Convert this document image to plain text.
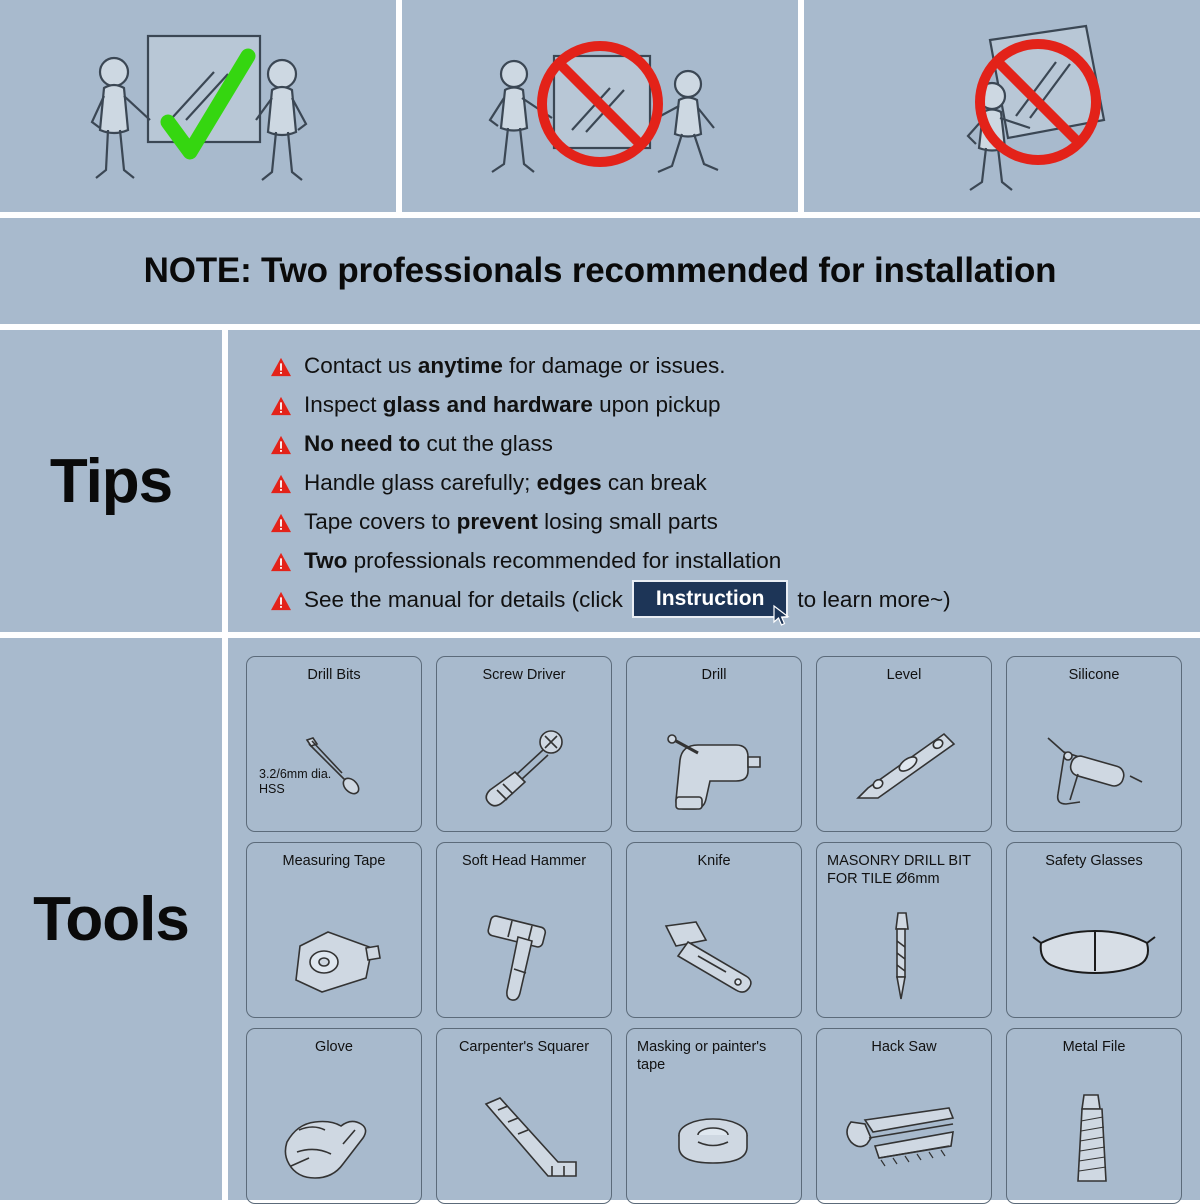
NOTE: Two professionals recommended for installation
Tips
Contact us anytime for damage or issues.
Inspect glass and hardware upon pickup
No need to cut the glass
Handle glass carefully; edges can break
Tape covers to prevent losing small parts
Two professionals recommended for installation
See the manual for details (click Instruction to learn more~)
Tools
Drill Bits
3.2/6mm dia.
HSS
Screw Driver	Drill	Level	Silicone
Measuring Tape	Soft Head Hammer	Knife	MASONRY DRILL BIT FOR TILE Ø6mm
Safety Glasses
Glove	Carpenter's Squarer	Masking or painter's tape
Hack Saw	Metal File
